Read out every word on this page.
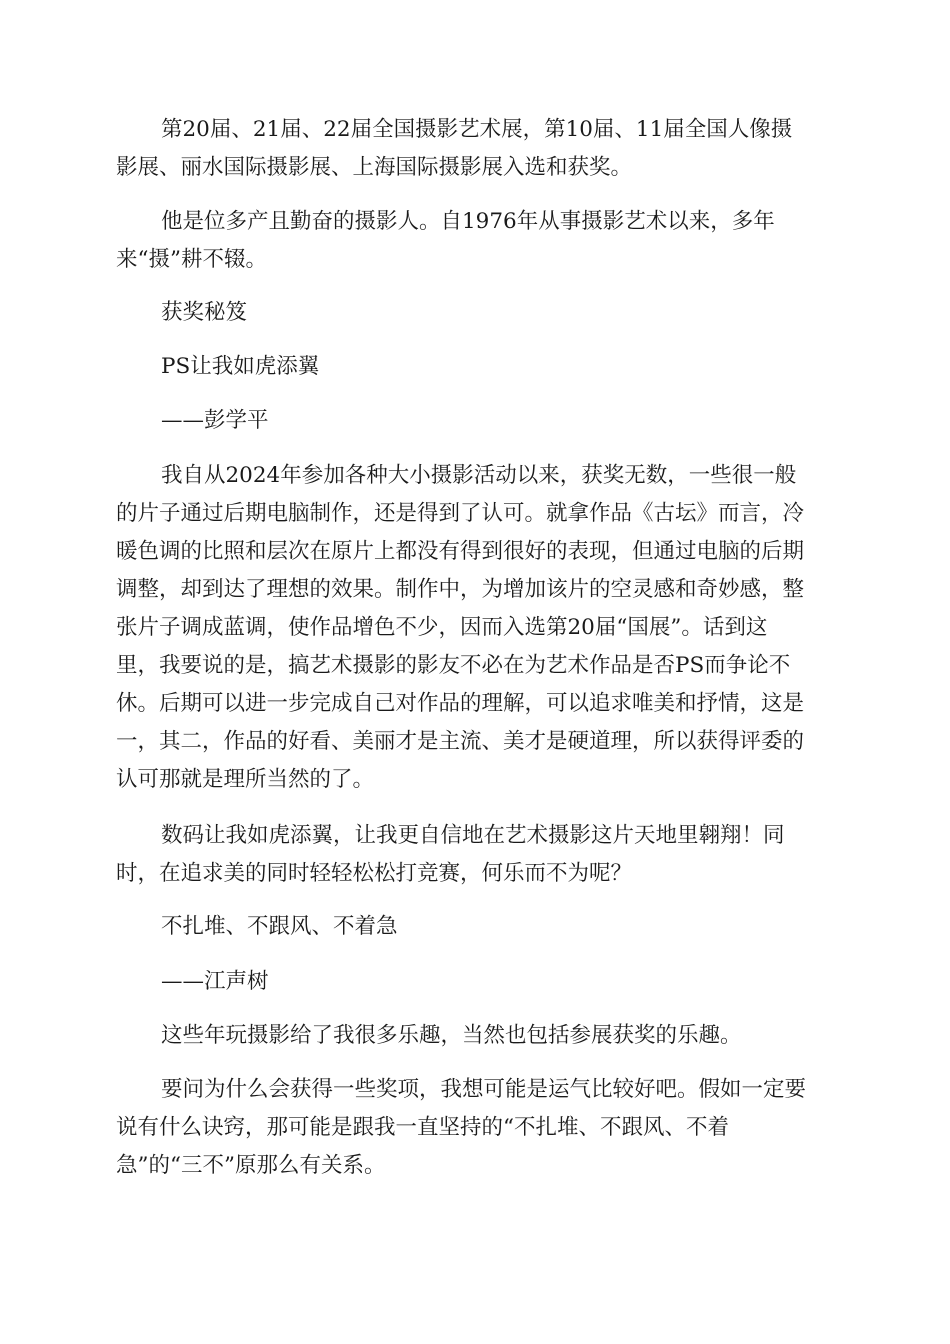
第20届、21届、22届全国摄影艺术展，第10届、11届全国人像摄
影展、丽水国际摄影展、上海国际摄影展入选和获奖。
他是位多产且勤奋的摄影人。自1976年从事摄影艺术以来，多年
来“摄”耕不辍。
获奖秘笈
PS让我如虎添翼
——彭学平
我自从2024年参加各种大小摄影活动以来，获奖无数，一些很一般
的片子通过后期电脑制作，还是得到了认可。就拿作品《古坛》而言，冷
暖色调的比照和层次在原片上都没有得到很好的表现，但通过电脑的后期
调整，却到达了理想的效果。制作中，为增加该片的空灵感和奇妙感，整
张片子调成蓝调，使作品增色不少，因而入选第20届“国展”。话到这
里，我要说的是，搞艺术摄影的影友不必在为艺术作品是否PS而争论不
休。后期可以进一步完成自己对作品的理解，可以追求唯美和抒情，这是
一，其二，作品的好看、美丽才是主流、美才是硬道理，所以获得评委的
认可那就是理所当然的了。
数码让我如虎添翼，让我更自信地在艺术摄影这片天地里翱翔！同
时，在追求美的同时轻轻松松打竞赛，何乐而不为呢？
不扎堆、不跟风、不着急
——江声树
这些年玩摄影给了我很多乐趣，当然也包括参展获奖的乐趣。
要问为什么会获得一些奖项，我想可能是运气比较好吧。假如一定要
说有什么诀窍，那可能是跟我一直坚持的“不扎堆、不跟风、不着
急”的“三不”原那么有关系。
